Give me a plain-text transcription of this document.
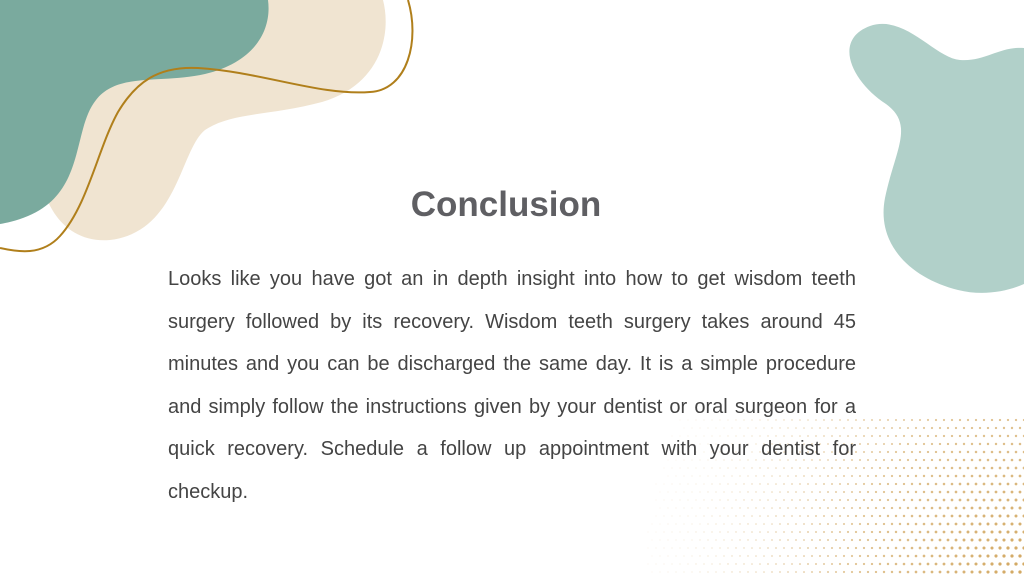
Conclusion

Looks like you have got an in depth insight into how to get wisdom teeth surgery followed by its recovery. Wisdom teeth surgery takes around 45 minutes and you can be discharged the same day. It is a simple procedure and simply follow the instructions given by your dentist or oral surgeon for a quick recovery. Schedule a follow up appointment with your dentist for checkup.
